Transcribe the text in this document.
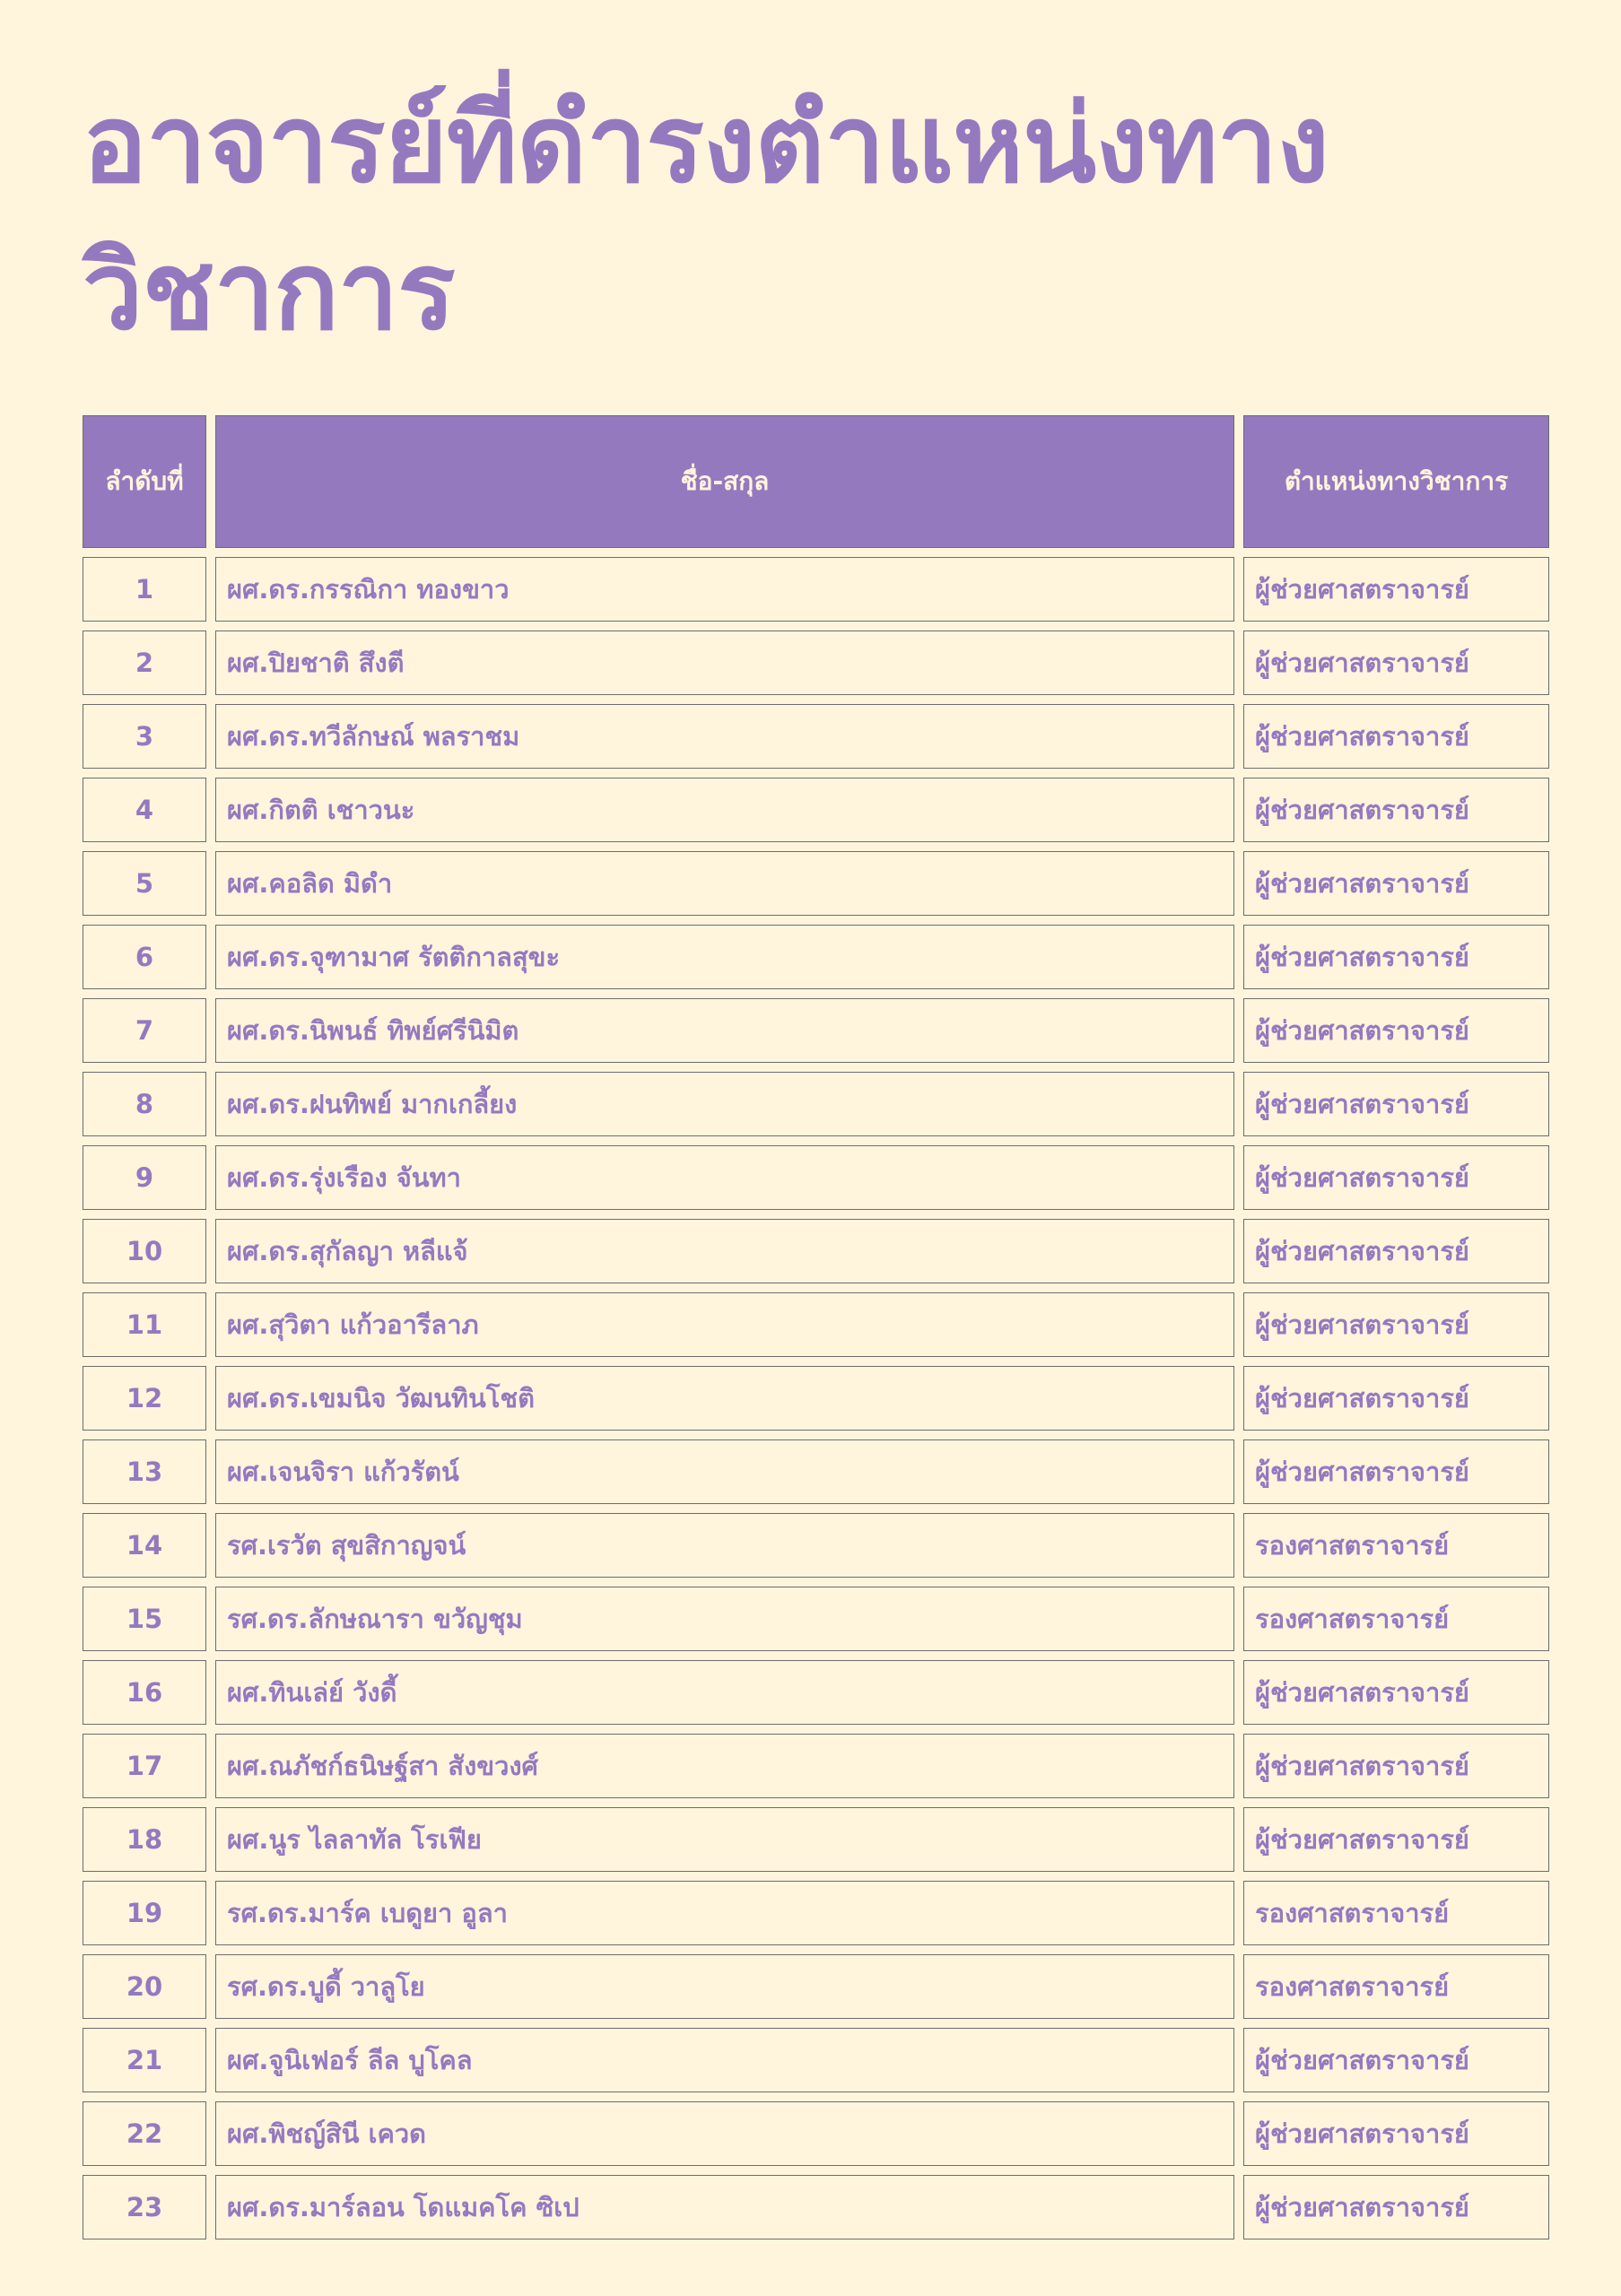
อาจารย์ที่ดำรงตำแหน่งทางวิชาการ
ลำดับที่	ชื่อ-สกุล	ตำแหน่งทางวิชาการ
1	ผศ.ดร.กรรณิกา ทองขาว	ผู้ช่วยศาสตราจารย์
2	ผศ.ปิยชาติ สึงตี	ผู้ช่วยศาสตราจารย์
3	ผศ.ดร.ทวีลักษณ์ พลราชม	ผู้ช่วยศาสตราจารย์
4	ผศ.กิตติ เชาวนะ	ผู้ช่วยศาสตราจารย์
5	ผศ.คอลิด มิดำ	ผู้ช่วยศาสตราจารย์
6	ผศ.ดร.จุฑามาศ รัตติกาลสุขะ	ผู้ช่วยศาสตราจารย์
7	ผศ.ดร.นิพนธ์ ทิพย์ศรีนิมิต	ผู้ช่วยศาสตราจารย์
8	ผศ.ดร.ฝนทิพย์ มากเกลี้ยง	ผู้ช่วยศาสตราจารย์
9	ผศ.ดร.รุ่งเรือง จันทา	ผู้ช่วยศาสตราจารย์
10	ผศ.ดร.สุกัลญา หลีแจ้	ผู้ช่วยศาสตราจารย์
11	ผศ.สุวิตา แก้วอารีลาภ	ผู้ช่วยศาสตราจารย์
12	ผศ.ดร.เขมนิจ วัฒนทินโชติ	ผู้ช่วยศาสตราจารย์
13	ผศ.เจนจิรา แก้วรัตน์	ผู้ช่วยศาสตราจารย์
14	รศ.เรวัต สุขสิกาญจน์	รองศาสตราจารย์
15	รศ.ดร.ลักษณารา ขวัญชุม	รองศาสตราจารย์
16	ผศ.ทินเล่ย์ วังดี้	ผู้ช่วยศาสตราจารย์
17	ผศ.ณภัชก์ธนิษฐ์สา สังขวงศ์	ผู้ช่วยศาสตราจารย์
18	ผศ.นูร ไลลาทัล โรเฟีย	ผู้ช่วยศาสตราจารย์
19	รศ.ดร.มาร์ค เบดูยา อูลา	รองศาสตราจารย์
20	รศ.ดร.บูดี้ วาลูโย	รองศาสตราจารย์
21	ผศ.จูนิเฟอร์ ลีล บูโคล	ผู้ช่วยศาสตราจารย์
22	ผศ.พิชญ์สินี เควด	ผู้ช่วยศาสตราจารย์
23	ผศ.ดร.มาร์ลอน โดแมคโค ซิเป	ผู้ช่วยศาสตราจารย์
